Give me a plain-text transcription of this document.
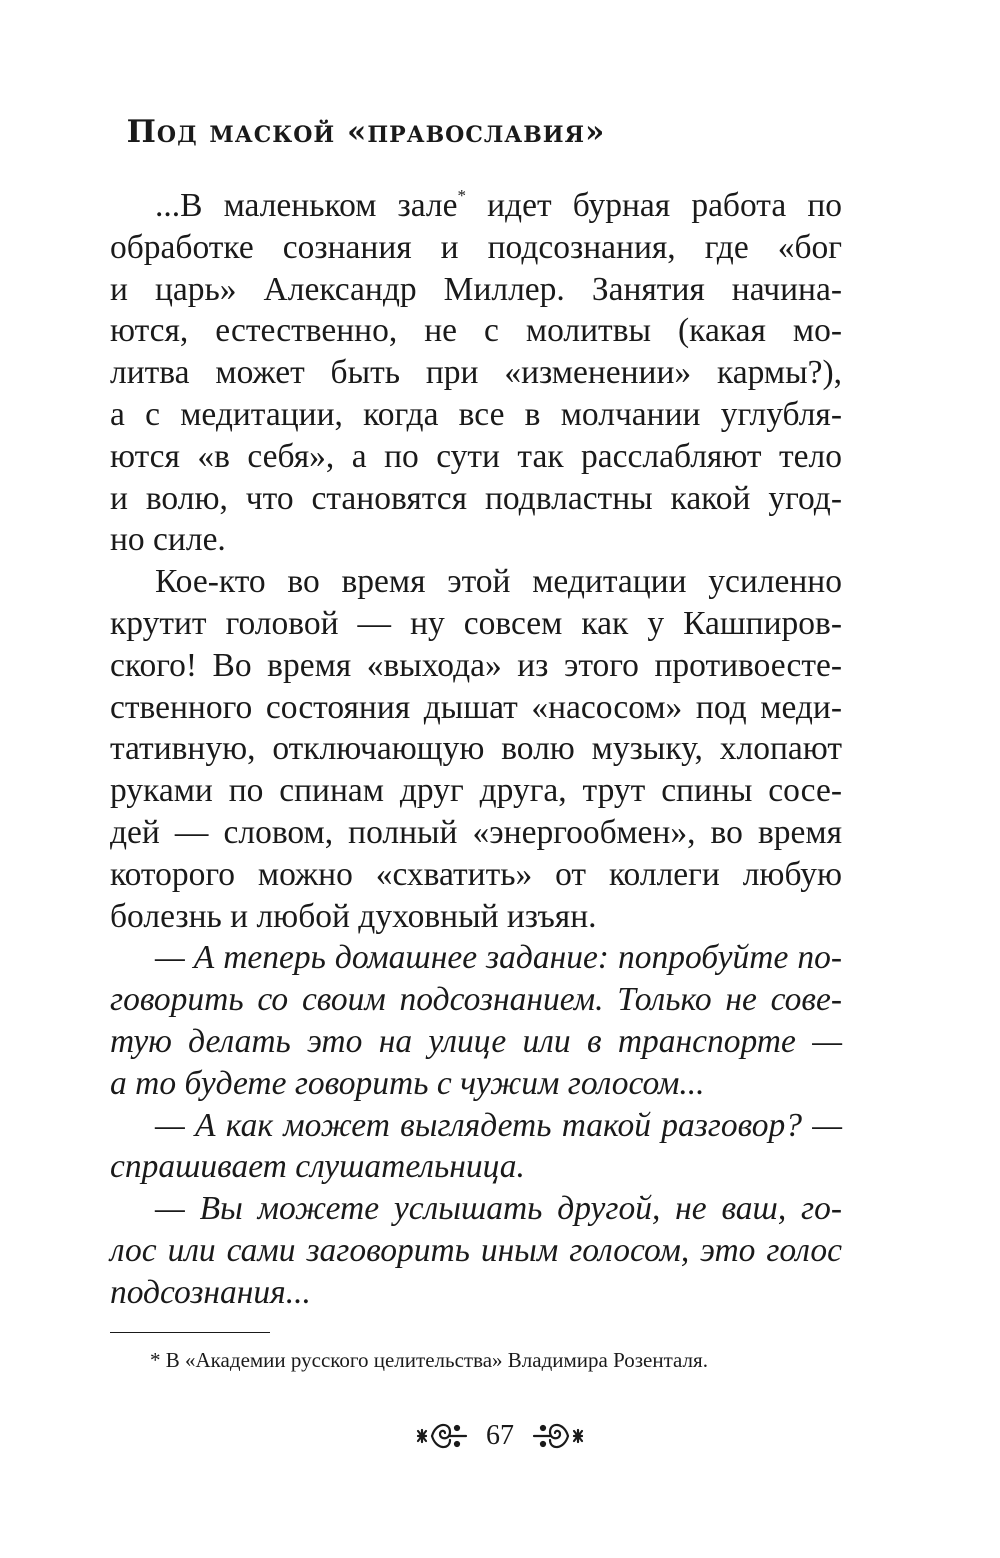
Под маской «православия»

...В маленьком зале* идет бурная работа по
обработке сознания и подсознания, где «бог
и царь» Александр Миллер. Занятия начина-
ются, естественно, не с молитвы (какая мо-
литва может быть при «изменении» кармы?),
а с медитации, когда все в молчании углубля-
ются «в себя», а по сути так расслабляют тело
и волю, что становятся подвластны какой угод-
но силе.

Кое-кто во время этой медитации усиленно
крутит головой — ну совсем как у Кашпиров-
ского! Во время «выхода» из этого противоесте-
ственного состояния дышат «насосом» под меди-
тативную, отключающую волю музыку, хлопают
руками по спинам друг друга, трут спины сосе-
дей — словом, полный «энергообмен», во время
которого можно «схватить» от коллеги любую
болезнь и любой духовный изъян.

— А теперь домашнее задание: попробуйте по-
говорить со своим подсознанием. Только не сове-
тую делать это на улице или в транспорте —
а то будете говорить с чужим голосом...

— А как может выглядеть такой разговор? —
спрашивает слушательница.

— Вы можете услышать другой, не ваш, го-
лос или сами заговорить иным голосом, это голос
подсознания...

* В «Академии русского целительства» Владимира Розенталя.
67
